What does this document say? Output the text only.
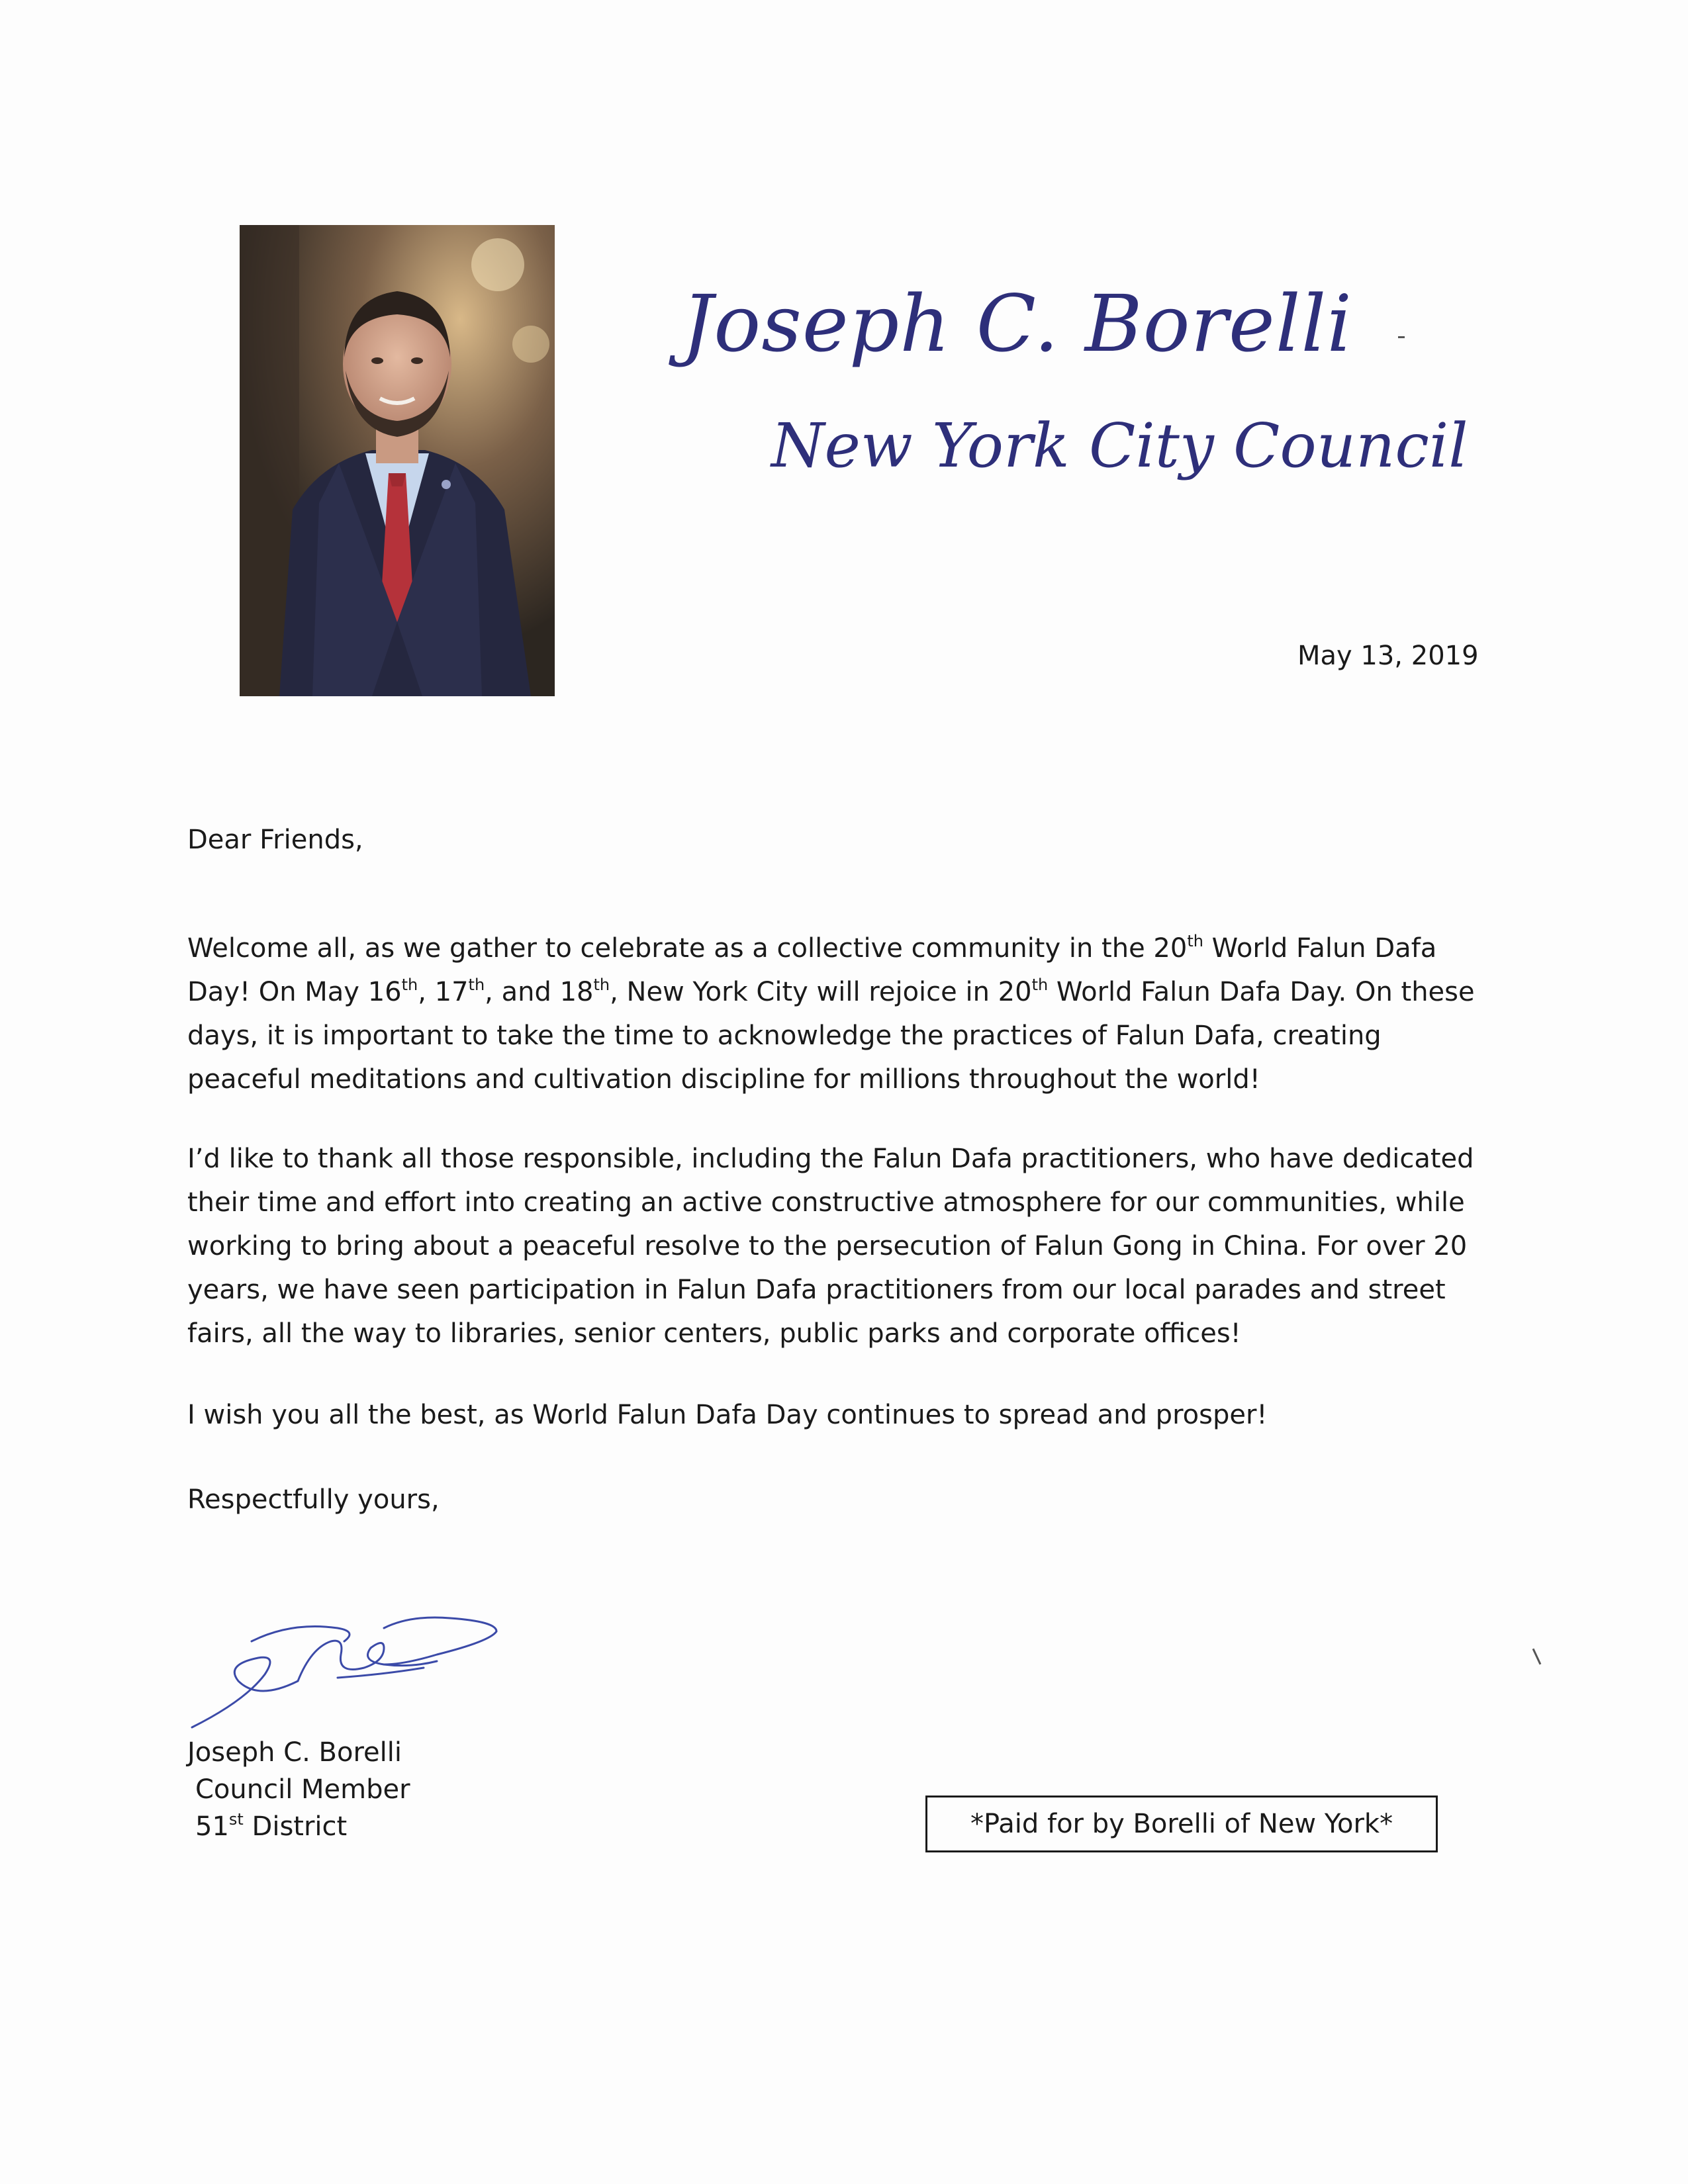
Joseph C. Borelli
New York City Council
May 13, 2019

Dear Friends,

Welcome all, as we gather to celebrate as a collective community in the 20th World Falun Dafa Day! On May 16th, 17th, and 18th, New York City will rejoice in 20th World Falun Dafa Day. On these days, it is important to take the time to acknowledge the practices of Falun Dafa, creating peaceful meditations and cultivation discipline for millions throughout the world!

I’d like to thank all those responsible, including the Falun Dafa practitioners, who have dedicated their time and effort into creating an active constructive atmosphere for our communities, while working to bring about a peaceful resolve to the persecution of Falun Gong in China. For over 20 years, we have seen participation in Falun Dafa practitioners from our local parades and street fairs, all the way to libraries, senior centers, public parks and corporate offices!

I wish you all the best, as World Falun Dafa Day continues to spread and prosper!

Respectfully yours,

Joseph C. Borelli
Council Member
51st District	*Paid for by Borelli of New York*
